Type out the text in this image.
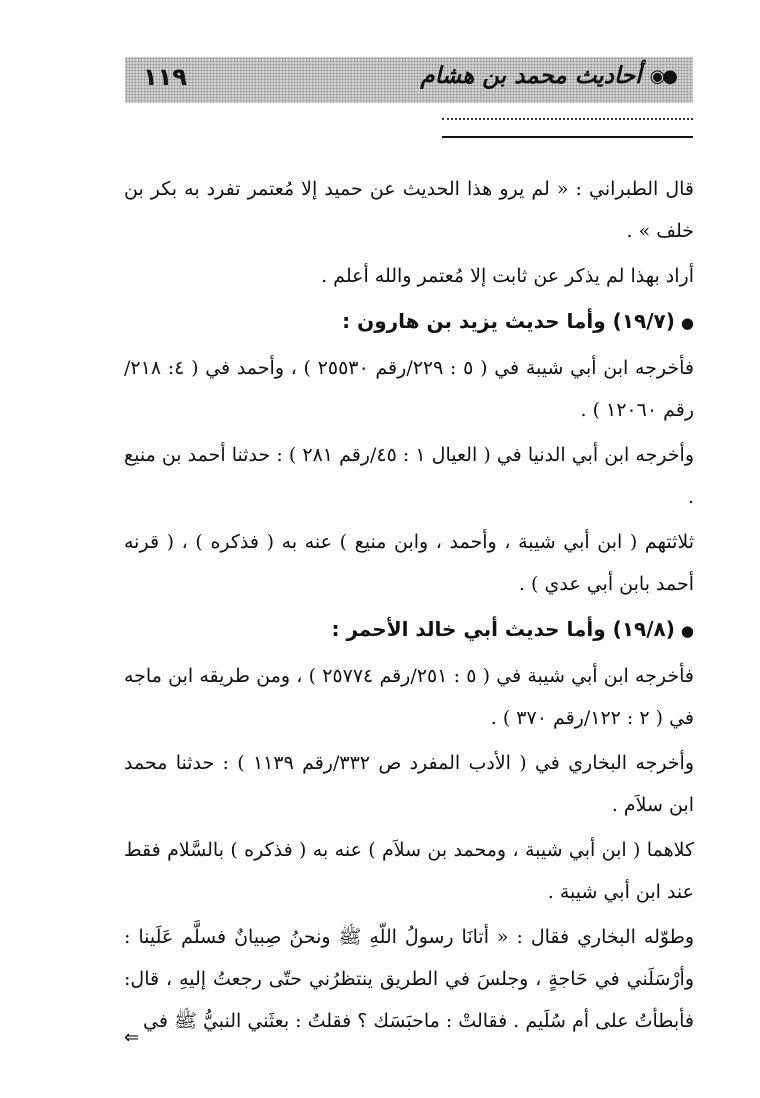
١١٩	●◉
أحاديث محمد بن هشام

قال الطبراني : « لم يرو هذا الحديث عن حميد إلا مُعتمر تفرد به بكر بن خلف » .

أراد بهذا لم يذكر عن ثابت إلا مُعتمر والله أعلم .

●(١٩/٧) وأما حديث يزيد بن هارون :

فأخرجه ابن أبي شيبة في ( ٥ : ٢٢٩/رقم ٢٥٥٣٠ ) ، وأحمد في ( ٤: ٢١٨/ رقم ١٢٠٦٠ ) .

وأخرجه ابن أبي الدنيا في ( العيال ١ : ٤٥/رقم ٢٨١ ) : حدثنا أحمد بن منيع .

ثلاثتهم ( ابن أبي شيبة ، وأحمد ، وابن منيع ) عنه به ( فذكره ) ، ( قرنه أحمد بابن أبي عدي ) .

●(١٩/٨) وأما حديث أبي خالد الأحمر :

فأخرجه ابن أبي شيبة في ( ٥ : ٢٥١/رقم ٢٥٧٧٤ ) ، ومن طريقه ابن ماجه في ( ٢ : ١٢٢/رقم ٣٧٠ ) .

وأخرجه البخاري في ( الأدب المفرد ص ٣٣٢/رقم ١١٣٩ ) : حدثنا محمد ابن سلاَم .

كلاهما ( ابن أبي شيبة ، ومحمد بن سلاَم ) عنه به ( فذكره ) بالسَّلام فقط عند ابن أبي شيبة .

وطوّله البخاري فقال : « أتانَا رسولُ اللّهِ ﷺ ونحنُ صِبيانٌ فسلَّم عَلَينا : وأرْسَلَني في حَاجةٍ ، وجلسَ في الطريق ينتظرُني حتّى رجعتُ إليهِ ، قال: فأبطأتُ على أم سُلَيم . فقالتْ : ماحبَسَك ؟ فقلتُ : بعثَني النبيُّ ﷺ في

⇐
